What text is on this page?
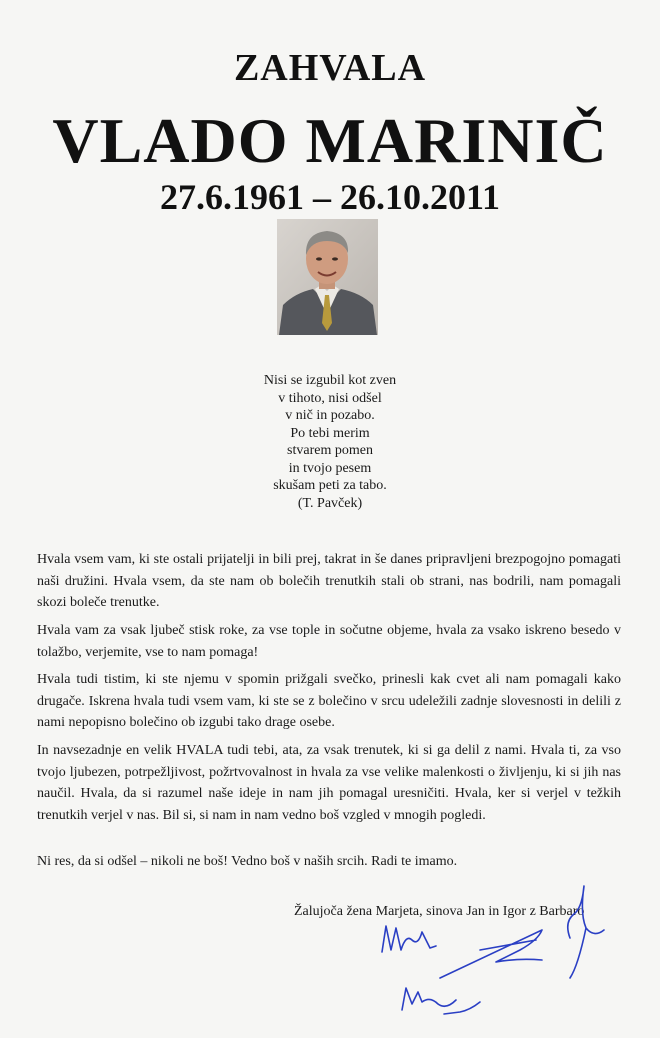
ZAHVALA
VLADO MARINIČ
27.6.1961 – 26.10.2011
Nisi se izgubil kot zven
v tihoto, nisi odšel
v nič in pozabo.
Po tebi merim
stvarem pomen
in tvojo pesem
skušam peti za tabo.
(T. Pavček)
Hvala vsem vam, ki ste ostali prijatelji in bili prej, takrat in še danes pripravljeni brezpogojno pomagati naši družini. Hvala vsem, da ste nam ob bolečih trenutkih stali ob strani, nas bodrili, nam pomagali skozi boleče trenutke.
Hvala vam za vsak ljubeč stisk roke, za vse tople in sočutne objeme, hvala za vsako iskreno besedo v tolažbo, verjemite, vse to nam pomaga!
Hvala tudi tistim, ki ste njemu v spomin prižgali svečko, prinesli kak cvet ali nam pomagali kako drugače. Iskrena hvala tudi vsem vam, ki ste se z bolečino v srcu udeležili zadnje slovesnosti in delili z nami nepopisno bolečino ob izgubi tako drage osebe.
In navsezadnje en velik HVALA tudi tebi, ata, za vsak trenutek, ki si ga delil z nami. Hvala ti, za vso tvojo ljubezen, potrpežljivost, požrtvovalnost in hvala za vse velike malenkosti o življenju, ki si jih nas naučil. Hvala, da si razumel naše ideje in nam jih pomagal uresničiti. Hvala, ker si verjel v težkih trenutkih verjel v nas. Bil si, si nam in nam vedno boš vzgled v mnogih pogledi.
Ni res, da si odšel – nikoli ne boš! Vedno boš v naših srcih. Radi te imamo.
Žalujoča žena Marjeta, sinova Jan in Igor z Barbaro
